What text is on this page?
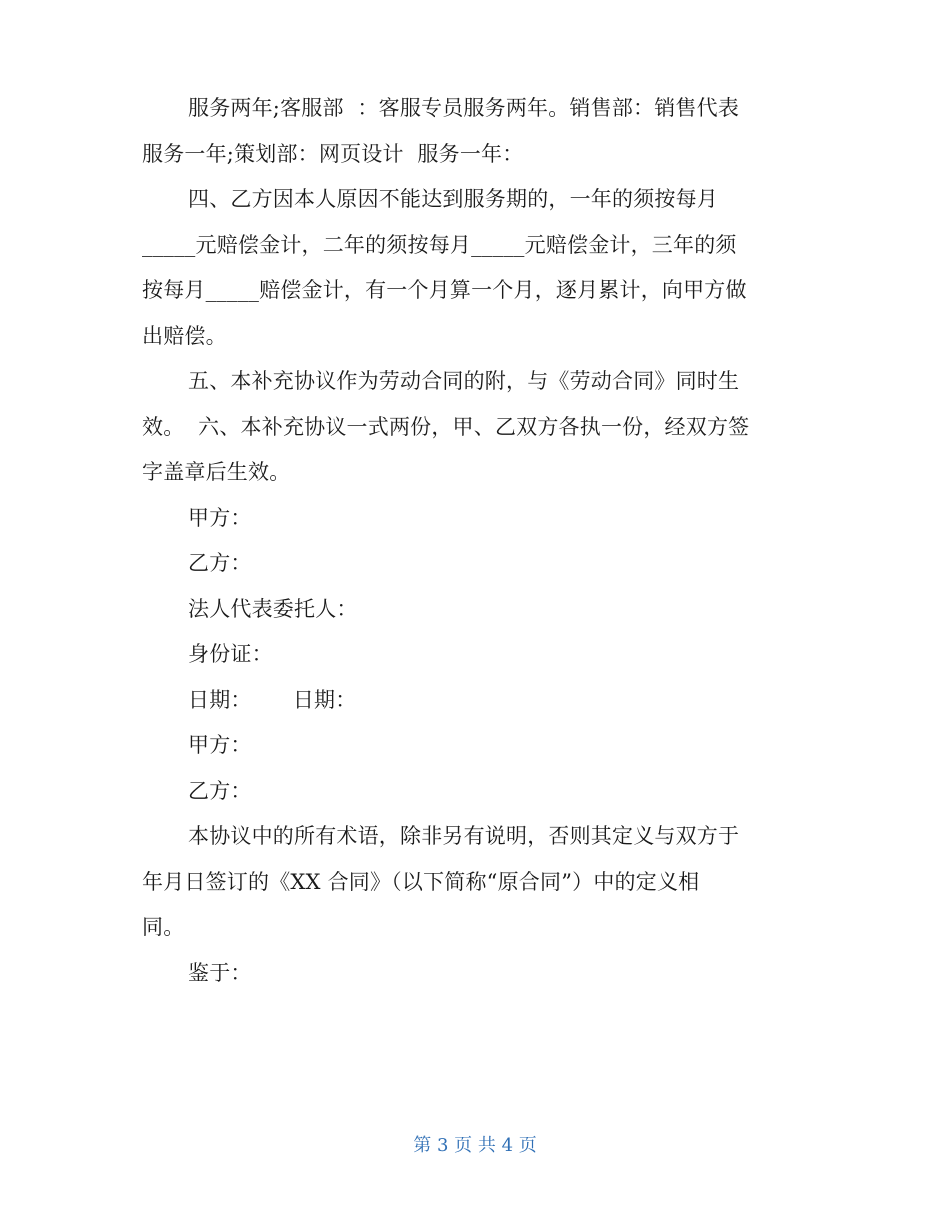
服务两年;客服部  ：客服专员服务两年。销售部：销售代表
服务一年;策划部：网页设计  服务一年：
四、乙方因本人原因不能达到服务期的，一年的须按每月
_____元赔偿金计，二年的须按每月_____元赔偿金计，三年的须
按每月_____赔偿金计，有一个月算一个月，逐月累计，向甲方做
出赔偿。
五、本补充协议作为劳动合同的附，与《劳动合同》同时生
效。  六、本补充协议一式两份，甲、乙双方各执一份，经双方签
字盖章后生效。
甲方：
乙方：
法人代表委托人：
身份证：
日期：      日期：
甲方：
乙方：
本协议中的所有术语，除非另有说明，否则其定义与双方于
年月日签订的《XX 合同》（以下简称“原合同”）中的定义相
同。
鉴于：
第 3 页 共 4 页
